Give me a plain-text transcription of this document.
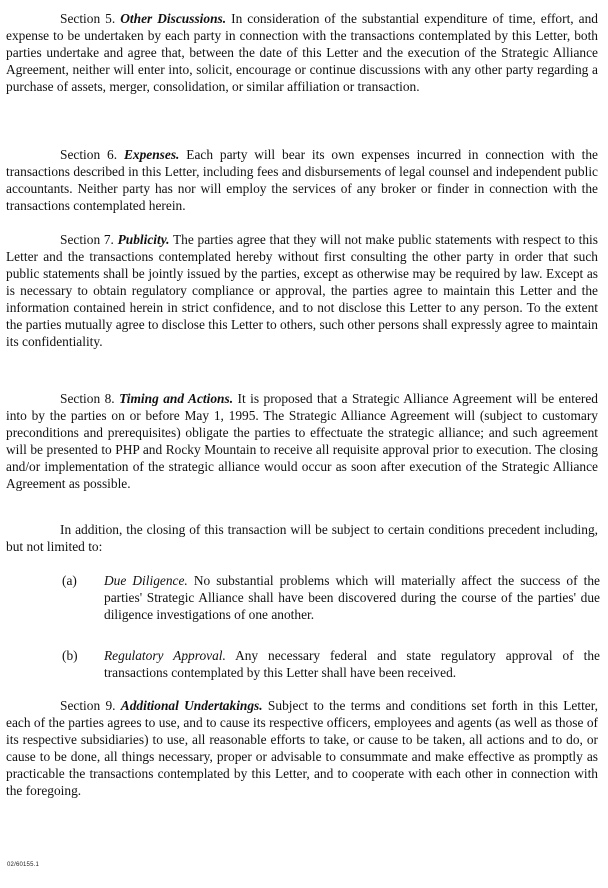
Section 5. Other Discussions. In consideration of the substantial expenditure of time, effort, and expense to be undertaken by each party in connection with the transactions contemplated by this Letter, both parties undertake and agree that, between the date of this Letter and the execution of the Strategic Alliance Agreement, neither will enter into, solicit, encourage or continue discussions with any other party regarding a purchase of assets, merger, consolidation, or similar affiliation or transaction.

Section 6. Expenses. Each party will bear its own expenses incurred in connection with the transactions described in this Letter, including fees and disbursements of legal counsel and independent public accountants. Neither party has nor will employ the services of any broker or finder in connection with the transactions contemplated herein.

Section 7. Publicity. The parties agree that they will not make public statements with respect to this Letter and the transactions contemplated hereby without first consulting the other party in order that such public statements shall be jointly issued by the parties, except as otherwise may be required by law. Except as is necessary to obtain regulatory compliance or approval, the parties agree to maintain this Letter and the information contained herein in strict confidence, and to not disclose this Letter to any person. To the extent the parties mutually agree to disclose this Letter to others, such other persons shall expressly agree to maintain its confidentiality.

Section 8. Timing and Actions. It is proposed that a Strategic Alliance Agreement will be entered into by the parties on or before May 1, 1995. The Strategic Alliance Agreement will (subject to customary preconditions and prerequisites) obligate the parties to effectuate the strategic alliance; and such agreement will be presented to PHP and Rocky Mountain to receive all requisite approval prior to execution. The closing and/or implementation of the strategic alliance would occur as soon after execution of the Strategic Alliance Agreement as possible.

In addition, the closing of this transaction will be subject to certain conditions precedent including, but not limited to:

(a)	Due Diligence. No substantial problems which will materially affect the success of the parties' Strategic Alliance shall have been discovered during the course of the parties' due diligence investigations of one another.
(b)	Regulatory Approval. Any necessary federal and state regulatory approval of the transactions contemplated by this Letter shall have been received.

Section 9. Additional Undertakings. Subject to the terms and conditions set forth in this Letter, each of the parties agrees to use, and to cause its respective officers, employees and agents (as well as those of its respective subsidiaries) to use, all reasonable efforts to take, or cause to be taken, all actions and to do, or cause to be done, all things necessary, proper or advisable to consummate and make effective as promptly as practicable the transactions contemplated by this Letter, and to cooperate with each other in connection with the foregoing.

02/60155.1
